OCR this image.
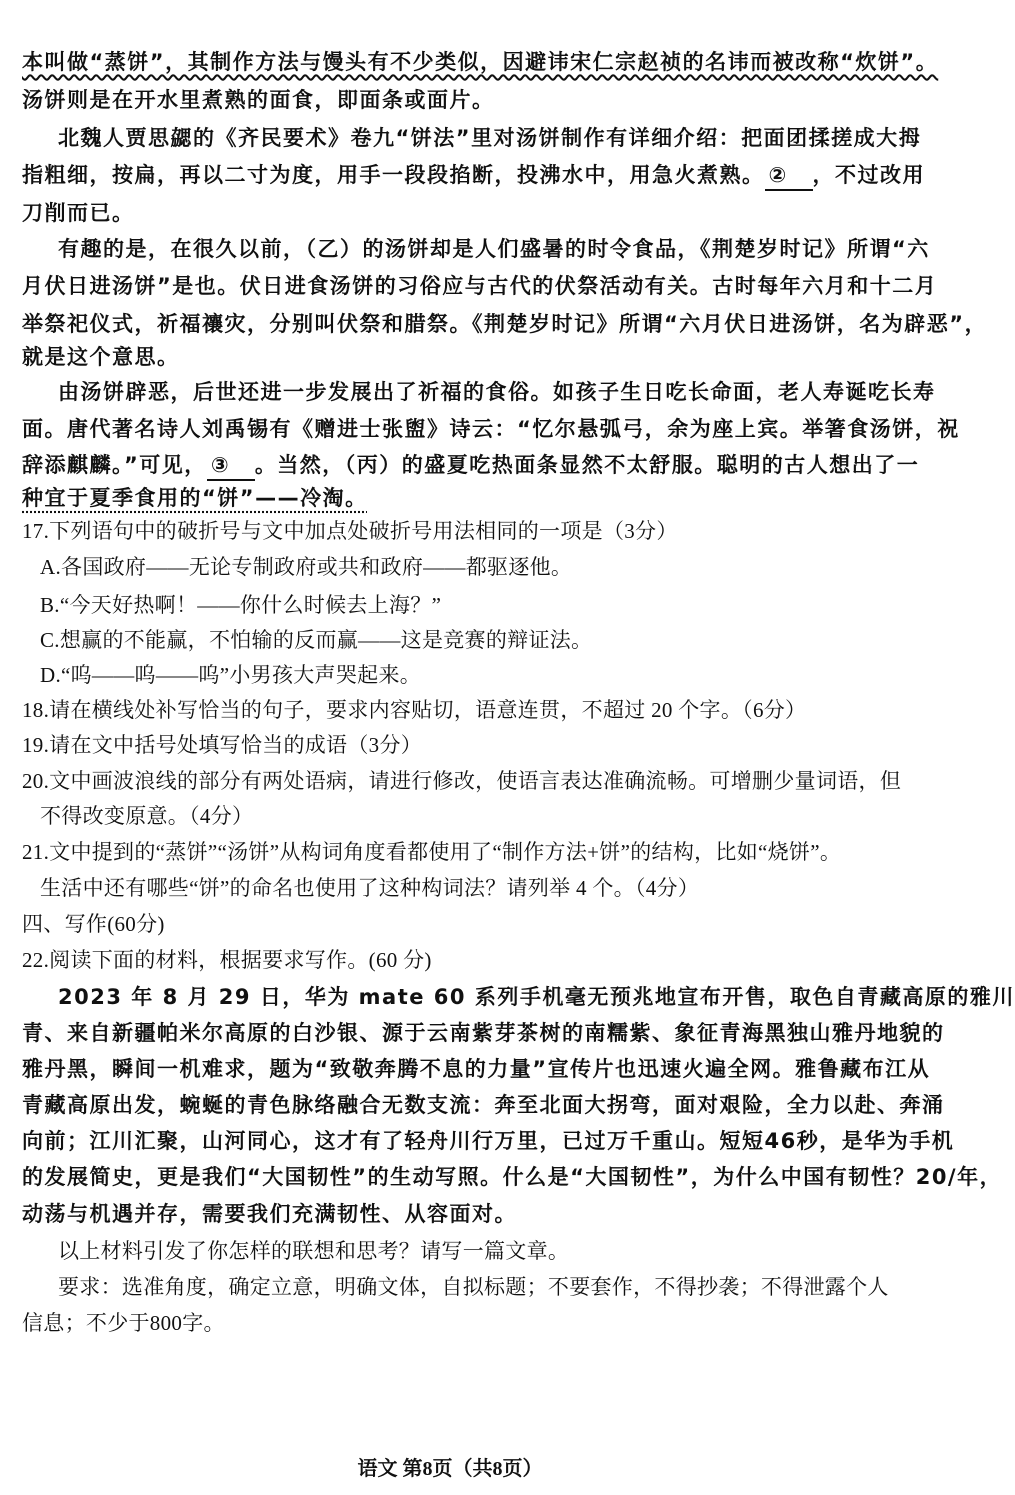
本叫做“蒸饼”，其制作方法与馒头有不少类似，因避讳宋仁宗赵祯的名讳而被改称“炊饼”。
汤饼则是在开水里煮熟的面食，即面条或面片。
北魏人贾思勰的《齐民要术》卷九“饼法”里对汤饼制作有详细介绍：把面团揉搓成大拇
指粗细，按扁，再以二寸为度，用手一段段掐断，投沸水中，用急火煮熟。 ② ，不过改用
刀削而已。
有趣的是，在很久以前，（乙）的汤饼却是人们盛暑的时令食品，《荆楚岁时记》所谓“六
月伏日进汤饼”是也。伏日进食汤饼的习俗应与古代的伏祭活动有关。古时每年六月和十二月
举祭祀仪式，祈福禳灾，分别叫伏祭和腊祭。《荆楚岁时记》所谓“六月伏日进汤饼，名为辟恶”，
就是这个意思。
由汤饼辟恶，后世还进一步发展出了祈福的食俗。如孩子生日吃长命面，老人寿诞吃长寿
面。唐代著名诗人刘禹锡有《赠进士张盥》诗云：“忆尔悬弧弓，余为座上宾。举箸食汤饼，祝
辞添麒麟。”可见， ③ 。当然，（丙）的盛夏吃热面条显然不太舒服。聪明的古人想出了一
种宜于夏季食用的“饼”——冷淘。
17.下列语句中的破折号与文中加点处破折号用法相同的一项是（3分）
A.各国政府——无论专制政府或共和政府——都驱逐他。
B.“今天好热啊！——你什么时候去上海？”
C.想赢的不能赢，不怕输的反而赢——这是竞赛的辩证法。
D.“呜——呜——呜”小男孩大声哭起来。
18.请在横线处补写恰当的句子，要求内容贴切，语意连贯，不超过 20 个字。（6分）
19.请在文中括号处填写恰当的成语（3分）
20.文中画波浪线的部分有两处语病，请进行修改，使语言表达准确流畅。可增删少量词语，但
不得改变原意。（4分）
21.文中提到的“蒸饼”“汤饼”从构词角度看都使用了“制作方法+饼”的结构，比如“烧饼”。
生活中还有哪些“饼”的命名也使用了这种构词法？请列举 4 个。（4分）
四、写作(60分)
22.阅读下面的材料，根据要求写作。(60 分)
2023 年 8 月 29 日，华为 mate 60 系列手机毫无预兆地宣布开售，取色自青藏高原的雅川
青、来自新疆帕米尔高原的白沙银、源于云南紫芽茶树的南糯紫、象征青海黑独山雅丹地貌的
雅丹黑，瞬间一机难求，题为“致敬奔腾不息的力量”宣传片也迅速火遍全网。雅鲁藏布江从
青藏高原出发，蜿蜒的青色脉络融合无数支流：奔至北面大拐弯，面对艰险，全力以赴、奔涌
向前；江川汇聚，山河同心，这才有了轻舟川行万里，已过万千重山。短短46秒，是华为手机
的发展简史，更是我们“大国韧性”的生动写照。什么是“大国韧性”，为什么中国有韧性？20/年，
动荡与机遇并存，需要我们充满韧性、从容面对。
以上材料引发了你怎样的联想和思考？请写一篇文章。
要求：选准角度，确定立意，明确文体，自拟标题；不要套作，不得抄袭；不得泄露个人
信息；不少于800字。
语文 第8页（共8页）
